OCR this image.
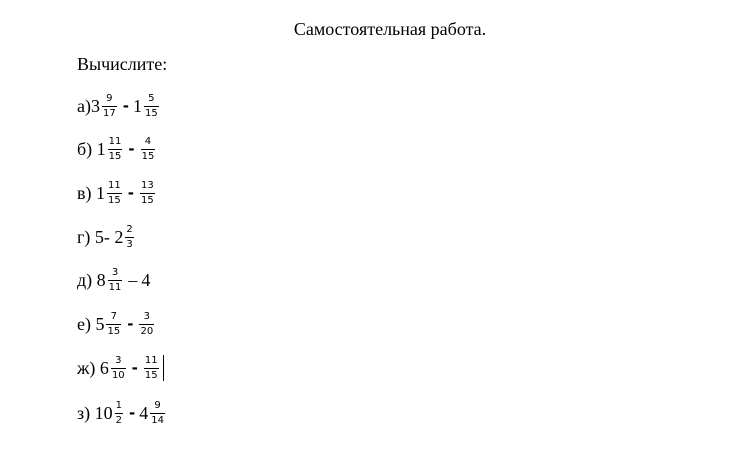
Самостоятельная работа.
Вычислите:
$а)3 \frac{9}{17} - 1 \frac{5}{15}$
б) $1 \frac{11}{15} - \frac{4}{15}$
в) $1 \frac{11}{15} - \frac{13}{15}$
г) 5- $2 \frac{2}{3}$
д) $8 \frac{3}{11} - 4$
е) $5 \frac{7}{15} - \frac{3}{20}$
ж) $6 \frac{3}{10} - \frac{11}{15}$
з) $10 \frac{1}{2} - 4 \frac{9}{14}$
